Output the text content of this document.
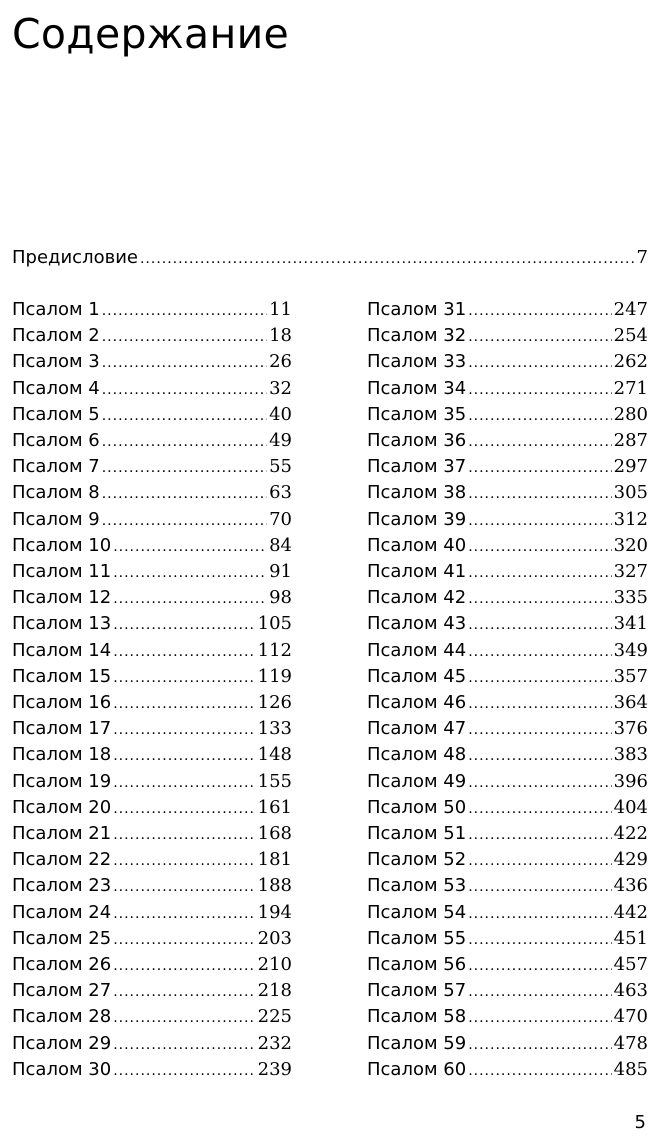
Содержание
Предисловие .....	7
Псалом 1 .....	11
Псалом 2 .....	18
Псалом 3 .....	26
Псалом 4 .....	32
Псалом 5 .....	40
Псалом 6 .....	49
Псалом 7 .....	55
Псалом 8 .....	63
Псалом 9 .....	70
Псалом 10 .....	84
Псалом 11 .....	91
Псалом 12 .....	98
Псалом 13 .....	105
Псалом 14 .....	112
Псалом 15 .....	119
Псалом 16 .....	126
Псалом 17 .....	133
Псалом 18 .....	148
Псалом 19 .....	155
Псалом 20 .....	161
Псалом 21 .....	168
Псалом 22 .....	181
Псалом 23 .....	188
Псалом 24 .....	194
Псалом 25 .....	203
Псалом 26 .....	210
Псалом 27 .....	218
Псалом 28 .....	225
Псалом 29 .....	232
Псалом 30 .....	239
Псалом 31 .....	247
Псалом 32 .....	254
Псалом 33 .....	262
Псалом 34 .....	271
Псалом 35 .....	280
Псалом 36 .....	287
Псалом 37 .....	297
Псалом 38 .....	305
Псалом 39 .....	312
Псалом 40 .....	320
Псалом 41 .....	327
Псалом 42 .....	335
Псалом 43 .....	341
Псалом 44 .....	349
Псалом 45 .....	357
Псалом 46 .....	364
Псалом 47 .....	376
Псалом 48 .....	383
Псалом 49 .....	396
Псалом 50 .....	404
Псалом 51 .....	422
Псалом 52 .....	429
Псалом 53 .....	436
Псалом 54 .....	442
Псалом 55 .....	451
Псалом 56 .....	457
Псалом 57 .....	463
Псалом 58 .....	470
Псалом 59 .....	478
Псалом 60 .....	485
5
